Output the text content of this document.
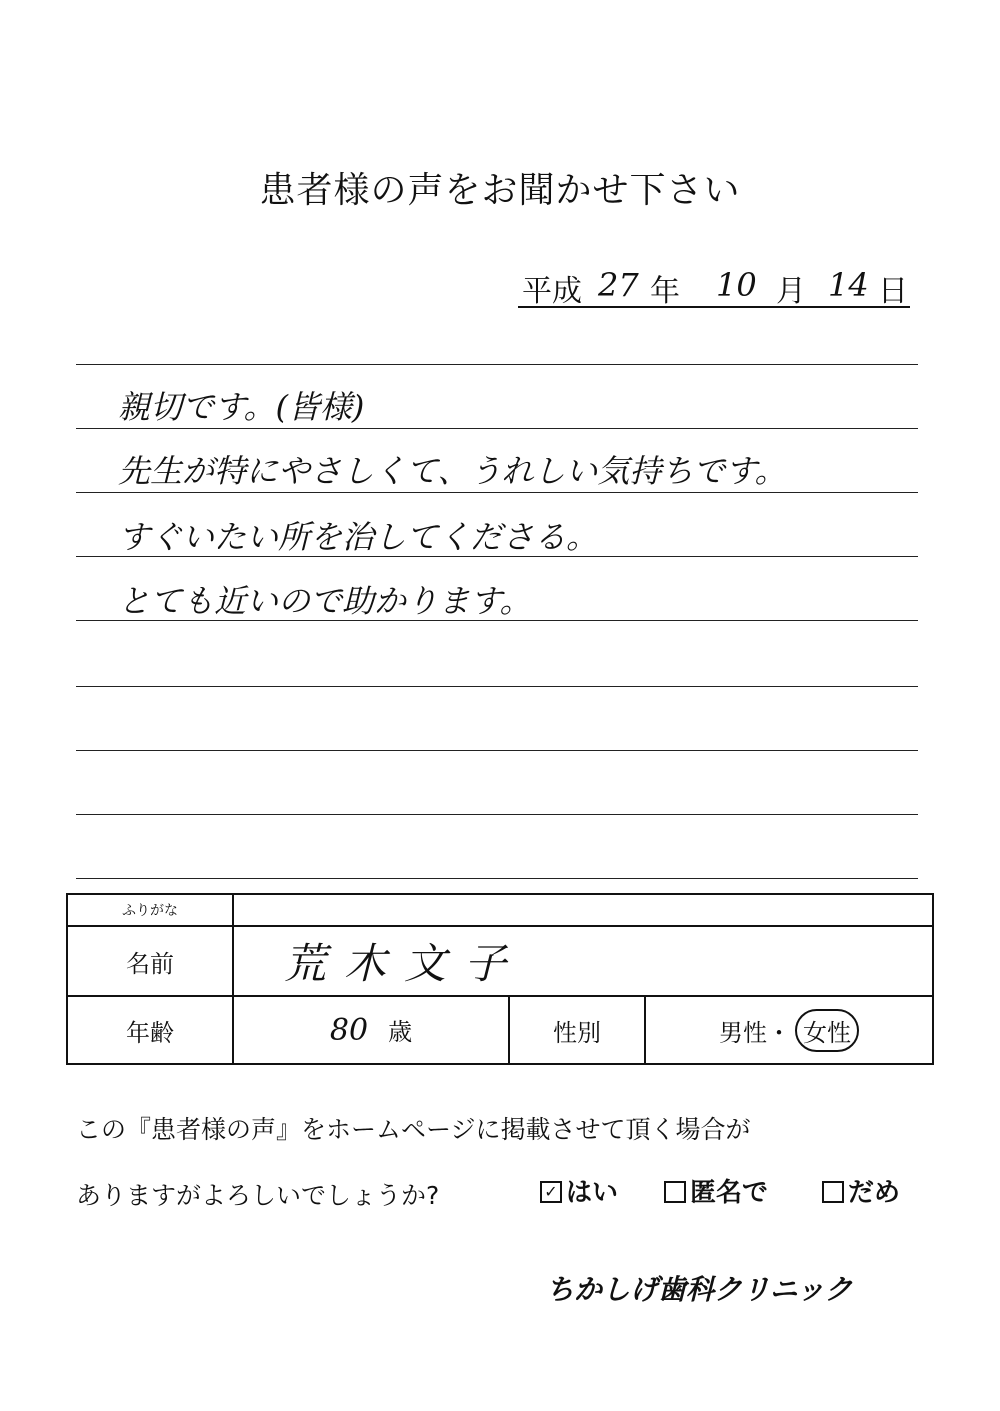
患者様の声をお聞かせ下さい
平成 27 年 10 月 14 日
親切です。(皆様)
先生が特にやさしくて、うれしい気持ちです。
すぐいたい所を治してくださる。
とても近いので助かります。
ふりがな			
名前	荒木文子		
年齢	80 歳	性別	男性・ 女性
この『患者様の声』をホームページに掲載させて頂く場合が
ありますがよろしいでしょうか?	✓ はい	匿名で	だめ
ちかしげ歯科クリニック
